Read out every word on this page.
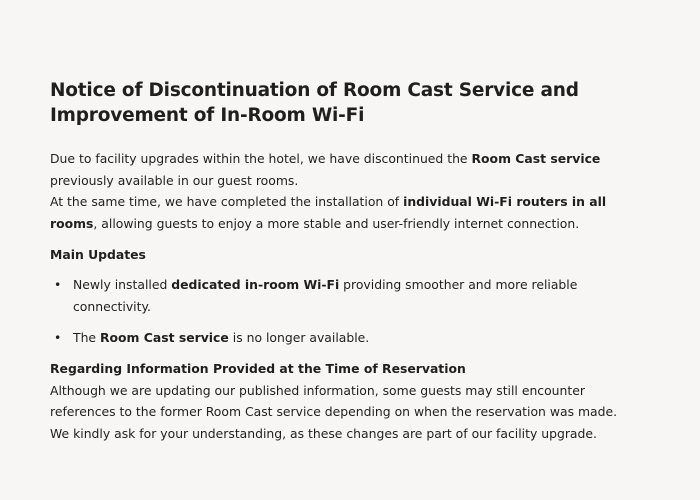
Notice of Discontinuation of Room Cast Service and Improvement of In-Room Wi-Fi

Due to facility upgrades within the hotel, we have discontinued the Room Cast service previously available in our guest rooms.

At the same time, we have completed the installation of individual Wi-Fi routers in all rooms, allowing guests to enjoy a more stable and user-friendly internet connection.

Main Updates
• Newly installed dedicated in-room Wi-Fi providing smoother and more reliable connectivity.
• The Room Cast service is no longer available.
Regarding Information Provided at the Time of Reservation

Although we are updating our published information, some guests may still encounter references to the former Room Cast service depending on when the reservation was made.

We kindly ask for your understanding, as these changes are part of our facility upgrade.
